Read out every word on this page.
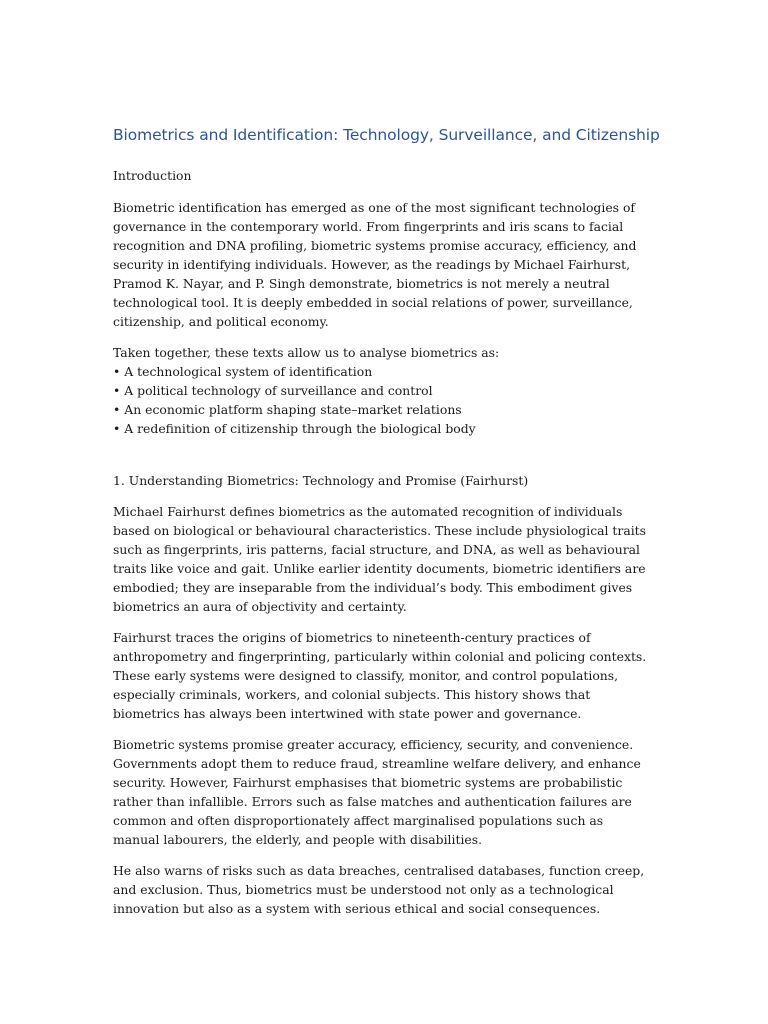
Biometrics and Identification: Technology, Surveillance, and Citizenship

Introduction

Biometric identification has emerged as one of the most significant technologies of governance in the contemporary world. From fingerprints and iris scans to facial recognition and DNA profiling, biometric systems promise accuracy, efficiency, and security in identifying individuals. However, as the readings by Michael Fairhurst, Pramod K. Nayar, and P. Singh demonstrate, biometrics is not merely a neutral technological tool. It is deeply embedded in social relations of power, surveillance, citizenship, and political economy.

Taken together, these texts allow us to analyse biometrics as:

• A technological system of identification
• A political technology of surveillance and control
• An economic platform shaping state–market relations
• A redefinition of citizenship through the biological body

1. Understanding Biometrics: Technology and Promise (Fairhurst)

Michael Fairhurst defines biometrics as the automated recognition of individuals based on biological or behavioural characteristics. These include physiological traits such as fingerprints, iris patterns, facial structure, and DNA, as well as behavioural traits like voice and gait. Unlike earlier identity documents, biometric identifiers are embodied; they are inseparable from the individual’s body. This embodiment gives biometrics an aura of objectivity and certainty.

Fairhurst traces the origins of biometrics to nineteenth-century practices of anthropometry and fingerprinting, particularly within colonial and policing contexts. These early systems were designed to classify, monitor, and control populations, especially criminals, workers, and colonial subjects. This history shows that biometrics has always been intertwined with state power and governance.

Biometric systems promise greater accuracy, efficiency, security, and convenience. Governments adopt them to reduce fraud, streamline welfare delivery, and enhance security. However, Fairhurst emphasises that biometric systems are probabilistic rather than infallible. Errors such as false matches and authentication failures are common and often disproportionately affect marginalised populations such as manual labourers, the elderly, and people with disabilities.

He also warns of risks such as data breaches, centralised databases, function creep, and exclusion. Thus, biometrics must be understood not only as a technological innovation but also as a system with serious ethical and social consequences.
